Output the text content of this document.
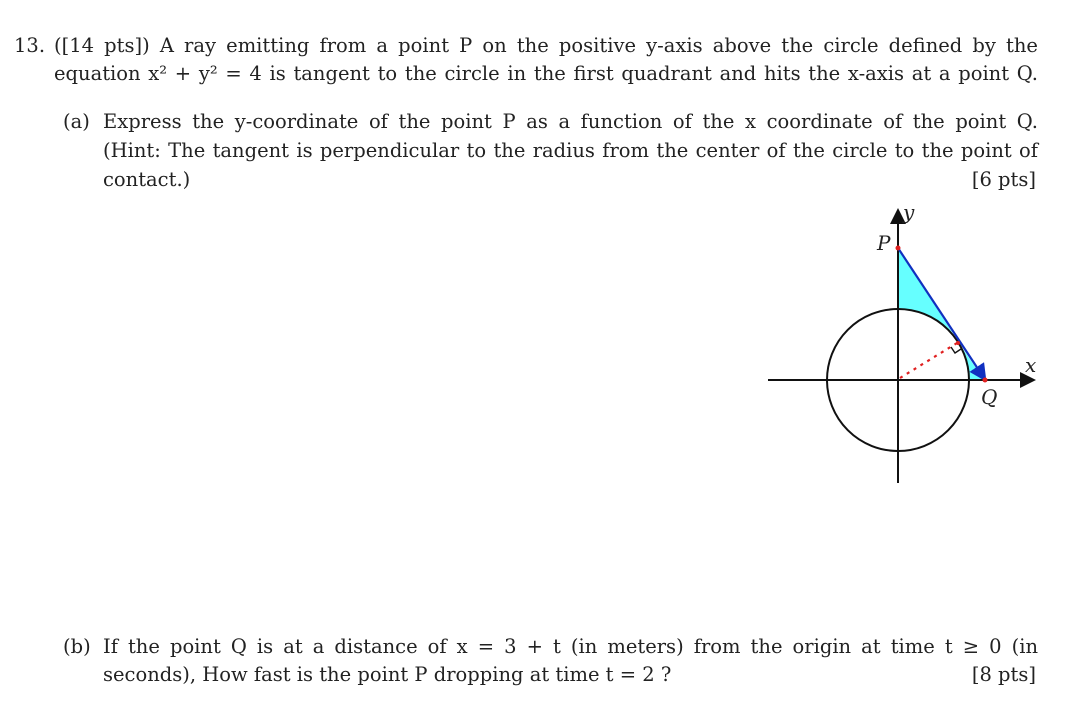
13. ([14 pts]) A ray emitting from a point P on the positive y-axis above the circle defined by the
equation x² + y² = 4 is tangent to the circle in the first quadrant and hits the x-axis at a point Q.
(a) Express the y-coordinate of the point P as a function of the x coordinate of the point Q.
(Hint: The tangent is perpendicular to the radius from the center of the circle to the point of
contact.)	[6 pts]
(b) If the point Q is at a distance of x = 3 + t (in meters) from the origin at time t ≥ 0 (in
seconds), How fast is the point P dropping at time t = 2 ?	[8 pts]
y
P
x
Q
